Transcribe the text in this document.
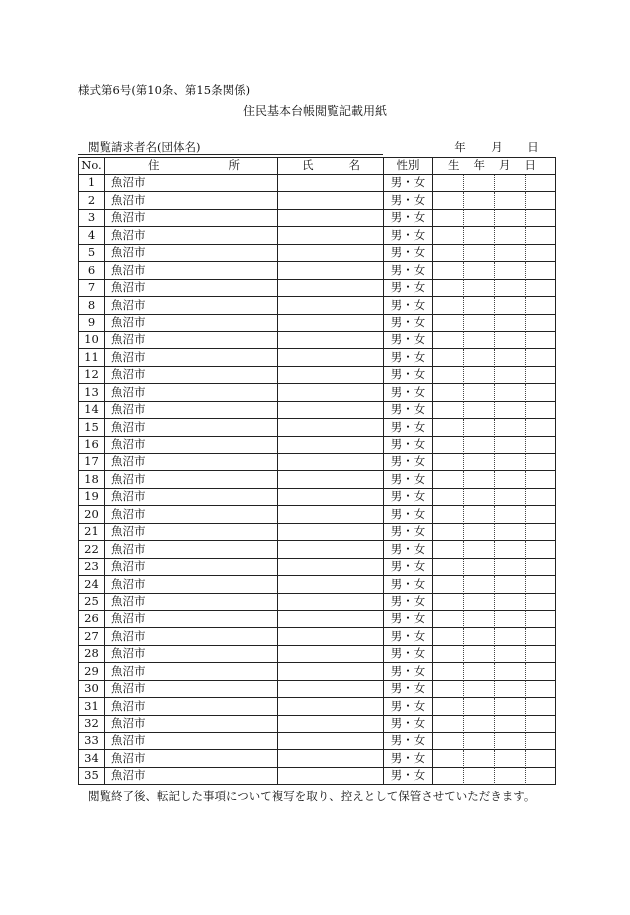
様式第6号(第10条、第15条関係)
住民基本台帳閲覧記載用紙
閲覧請求者名(団体名)	年 月 日
No.	住 所	氏 名	性別	生 年 月 日			

1	魚沼市		男・女				
2	魚沼市		男・女				
3	魚沼市		男・女				
4	魚沼市		男・女				
5	魚沼市		男・女				
6	魚沼市		男・女				
7	魚沼市		男・女				
8	魚沼市		男・女				
9	魚沼市		男・女				
10	魚沼市		男・女				
11	魚沼市		男・女				
12	魚沼市		男・女				
13	魚沼市		男・女				
14	魚沼市		男・女				
15	魚沼市		男・女				
16	魚沼市		男・女				
17	魚沼市		男・女				
18	魚沼市		男・女				
19	魚沼市		男・女				
20	魚沼市		男・女				
21	魚沼市		男・女				
22	魚沼市		男・女				
23	魚沼市		男・女				
24	魚沼市		男・女				
25	魚沼市		男・女				
26	魚沼市		男・女				
27	魚沼市		男・女				
28	魚沼市		男・女				
29	魚沼市		男・女				
30	魚沼市		男・女				
31	魚沼市		男・女				
32	魚沼市		男・女				
33	魚沼市		男・女				
34	魚沼市		男・女				
35	魚沼市		男・女				
閲覧終了後、転記した事項について複写を取り、控えとして保管させていただきます。
